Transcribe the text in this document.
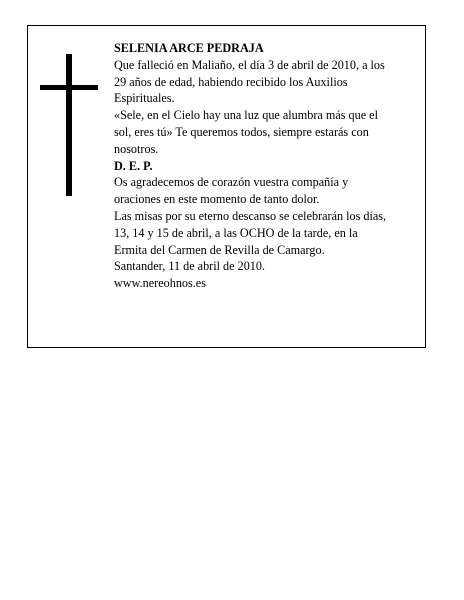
SELENIA ARCE PEDRAJA
Que falleció en Maliaño, el día 3 de abril de 2010, a los
29 años de edad, habiendo recibido los Auxilios
Espirituales.
«Sele, en el Cielo hay una luz que alumbra más que el
sol, eres tú» Te queremos todos, siempre estarás con
nosotros.
D. E. P.
Os agradecemos de corazón vuestra compañía y
oraciones en este momento de tanto dolor.
Las misas por su eterno descanso se celebrarán los días,
13, 14 y 15 de abril, a las OCHO de la tarde, en la
Ermita del Carmen de Revilla de Camargo.
Santander, 11 de abril de 2010.
www.nereohnos.es
